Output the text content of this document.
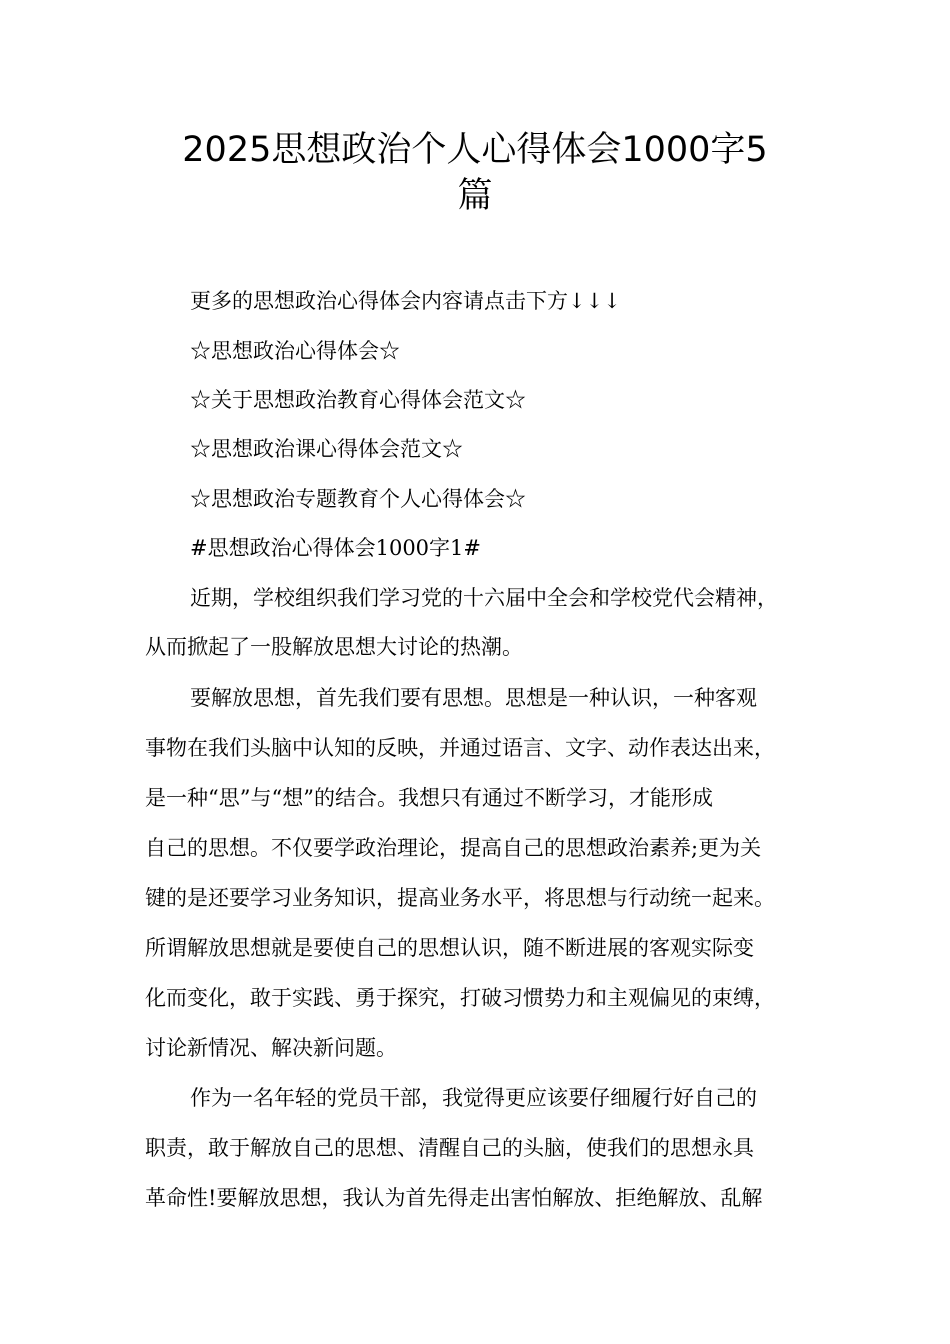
2025思想政治个人心得体会1000字5
篇

更多的思想政治心得体会内容请点击下方↓↓↓

☆思想政治心得体会☆

☆关于思想政治教育心得体会范文☆

☆思想政治课心得体会范文☆

☆思想政治专题教育个人心得体会☆

#思想政治心得体会1000字1#

近期，学校组织我们学习党的十六届中全会和学校党代会精神，

从而掀起了一股解放思想大讨论的热潮。

要解放思想，首先我们要有思想。思想是一种认识，一种客观

事物在我们头脑中认知的反映，并通过语言、文字、动作表达出来，

是一种“思”与“想”的结合。我想只有通过不断学习，才能形成

自己的思想。不仅要学政治理论，提高自己的思想政治素养;更为关

键的是还要学习业务知识，提高业务水平，将思想与行动统一起来。

所谓解放思想就是要使自己的思想认识，随不断进展的客观实际变

化而变化，敢于实践、勇于探究，打破习惯势力和主观偏见的束缚，

讨论新情况、解决新问题。

作为一名年轻的党员干部，我觉得更应该要仔细履行好自己的

职责，敢于解放自己的思想、清醒自己的头脑，使我们的思想永具

革命性!要解放思想，我认为首先得走出害怕解放、拒绝解放、乱解
